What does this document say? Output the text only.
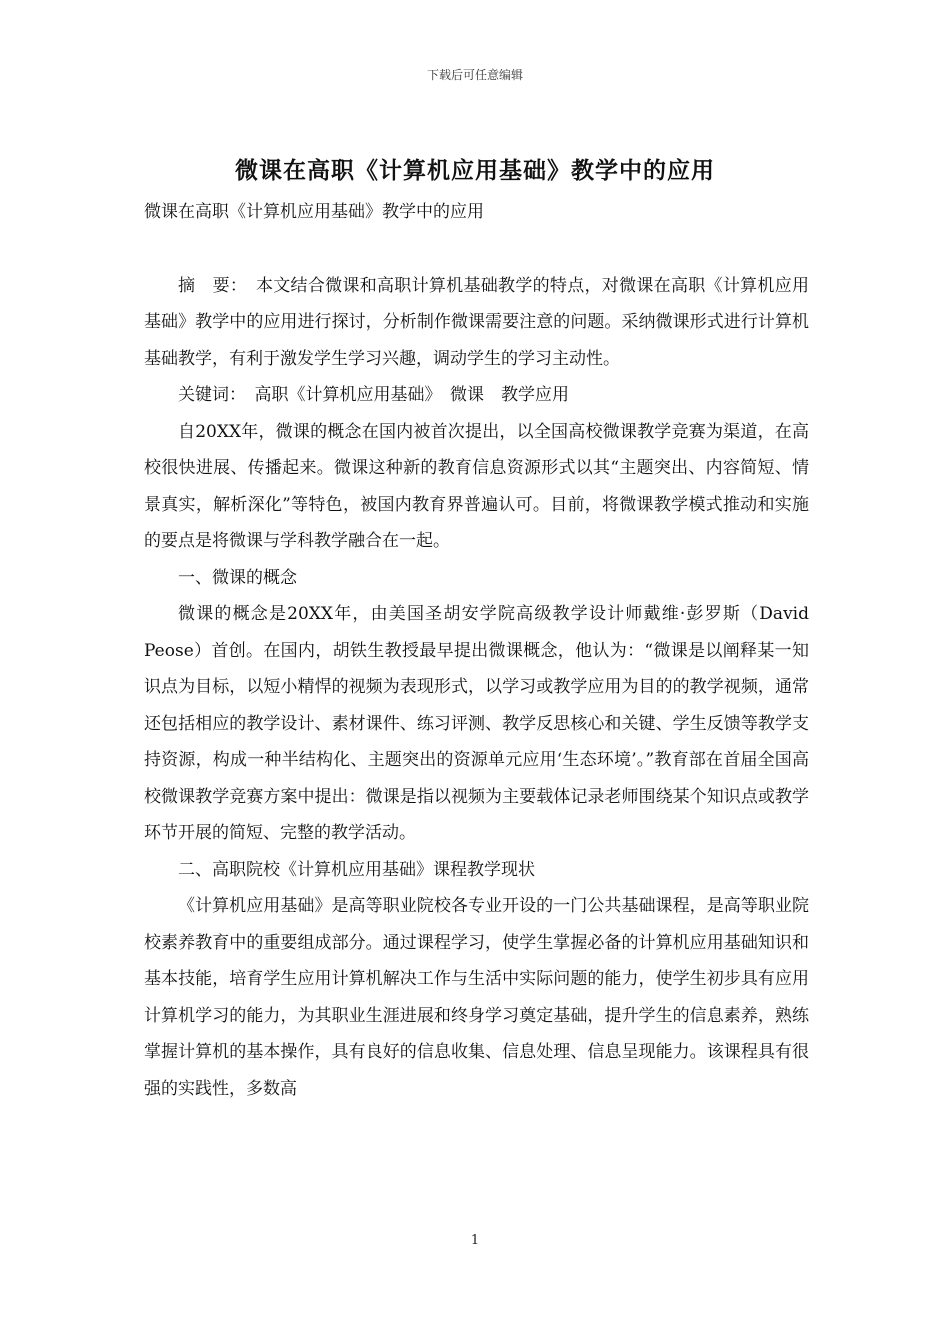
下载后可任意编辑
微课在高职《计算机应用基础》教学中的应用

微课在高职《计算机应用基础》教学中的应用

摘　要：　本文结合微课和高职计算机基础教学的特点，对微课在高职《计算机应用基础》教学中的应用进行探讨，分析制作微课需要注意的问题。采纳微课形式进行计算机基础教学，有利于激发学生学习兴趣，调动学生的学习主动性。

关键词：　高职《计算机应用基础》　微课　教学应用

自20XX年，微课的概念在国内被首次提出，以全国高校微课教学竞赛为渠道，在高校很快进展、传播起来。微课这种新的教育信息资源形式以其“主题突出、内容简短、情景真实，解析深化”等特色，被国内教育界普遍认可。目前，将微课教学模式推动和实施的要点是将微课与学科教学融合在一起。

一、微课的概念

微课的概念是20XX年，由美国圣胡安学院高级教学设计师戴维·彭罗斯（David Peose）首创。在国内，胡铁生教授最早提出微课概念，他认为：“微课是以阐释某一知识点为目标，以短小精悍的视频为表现形式，以学习或教学应用为目的的教学视频，通常还包括相应的教学设计、素材课件、练习评测、教学反思核心和关键、学生反馈等教学支持资源，构成一种半结构化、主题突出的资源单元应用‘生态环境’。”教育部在首届全国高校微课教学竞赛方案中提出：微课是指以视频为主要载体记录老师围绕某个知识点或教学环节开展的简短、完整的教学活动。

二、高职院校《计算机应用基础》课程教学现状

《计算机应用基础》是高等职业院校各专业开设的一门公共基础课程，是高等职业院校素养教育中的重要组成部分。通过课程学习，使学生掌握必备的计算机应用基础知识和基本技能，培育学生应用计算机解决工作与生活中实际问题的能力，使学生初步具有应用计算机学习的能力，为其职业生涯进展和终身学习奠定基础，提升学生的信息素养，熟练掌握计算机的基本操作，具有良好的信息收集、信息处理、信息呈现能力。该课程具有很强的实践性，多数高

1
